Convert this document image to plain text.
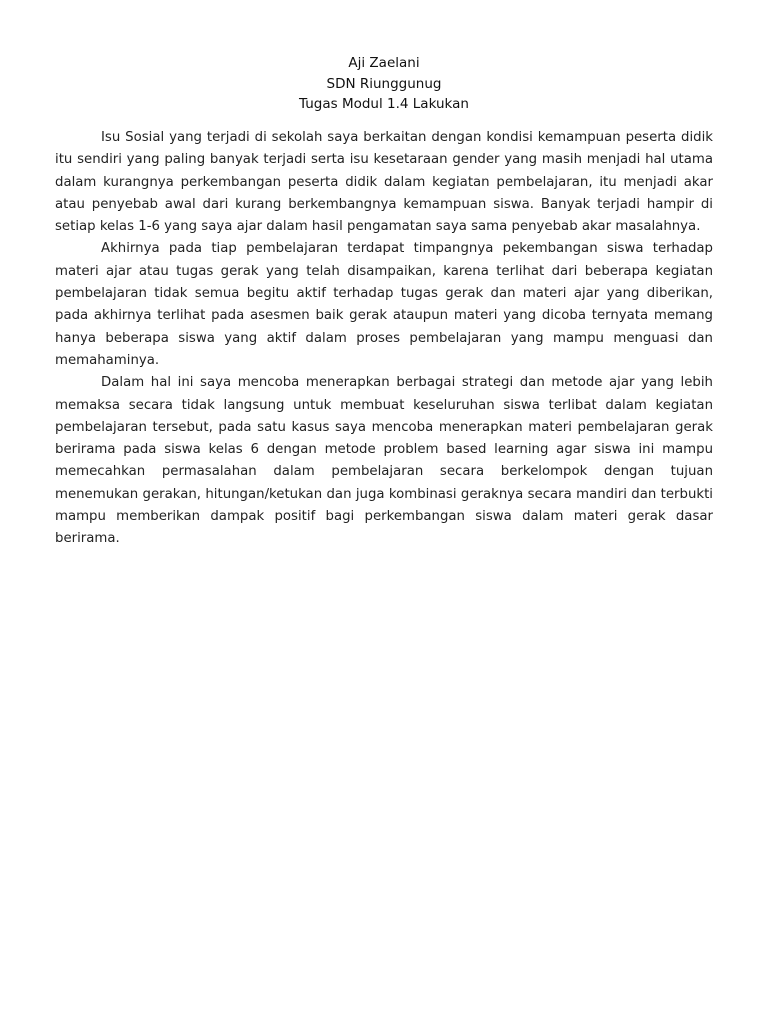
Aji Zaelani
SDN Riunggunug
Tugas Modul 1.4 Lakukan

Isu Sosial yang terjadi di sekolah saya berkaitan dengan kondisi kemampuan peserta didik itu sendiri yang paling banyak terjadi serta isu kesetaraan gender yang masih menjadi hal utama dalam kurangnya perkembangan peserta didik dalam kegiatan pembelajaran, itu menjadi akar atau penyebab awal dari kurang berkembangnya kemampuan siswa. Banyak terjadi hampir di setiap kelas 1-6 yang saya ajar dalam hasil pengamatan saya sama penyebab akar masalahnya.

Akhirnya pada tiap pembelajaran terdapat timpangnya pekembangan siswa terhadap materi ajar atau tugas gerak yang telah disampaikan, karena terlihat dari beberapa kegiatan pembelajaran tidak semua begitu aktif terhadap tugas gerak dan materi ajar yang diberikan, pada akhirnya terlihat pada asesmen baik gerak ataupun materi yang dicoba ternyata memang hanya beberapa siswa yang aktif dalam proses pembelajaran yang mampu menguasi dan memahaminya.

Dalam hal ini saya mencoba menerapkan berbagai strategi dan metode ajar yang lebih memaksa secara tidak langsung untuk membuat keseluruhan siswa terlibat dalam kegiatan pembelajaran tersebut, pada satu kasus saya mencoba menerapkan materi pembelajaran gerak berirama pada siswa kelas 6 dengan metode problem based learning agar siswa ini mampu memecahkan permasalahan dalam pembelajaran secara berkelompok dengan tujuan menemukan gerakan, hitungan/ketukan dan juga kombinasi geraknya secara mandiri dan terbukti mampu memberikan dampak positif bagi perkembangan siswa dalam materi gerak dasar berirama.
